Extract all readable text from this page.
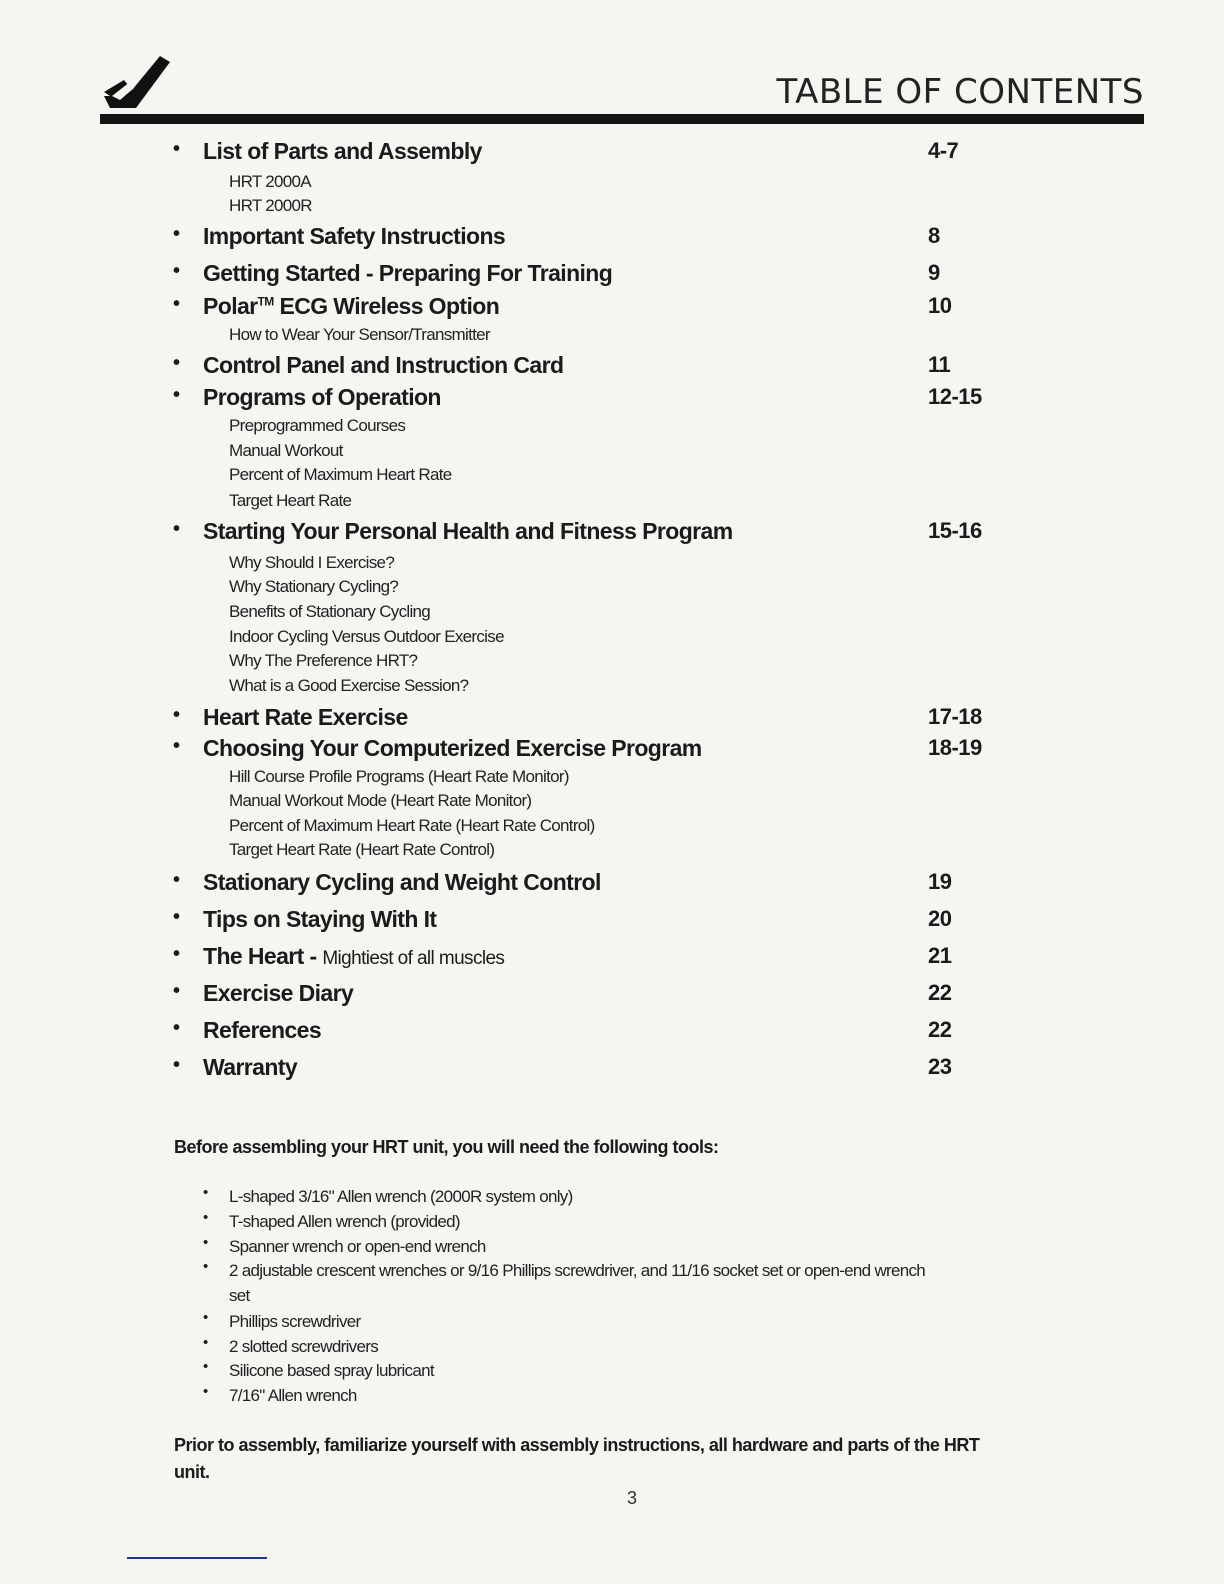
TABLE OF CONTENTS
• List of Parts and Assembly	4-7
HRT 2000A
HRT 2000R
• Important Safety Instructions	8
• Getting Started - Preparing For Training	9
• Polar™ ECG Wireless Option	10
How to Wear Your Sensor/Transmitter
• Control Panel and Instruction Card	11
• Programs of Operation	12-15
Preprogrammed Courses
Manual Workout
Percent of Maximum Heart Rate
Target Heart Rate
• Starting Your Personal Health and Fitness Program	15-16
Why Should I Exercise?
Why Stationary Cycling?
Benefits of Stationary Cycling
Indoor Cycling Versus Outdoor Exercise
Why The Preference HRT?
What is a Good Exercise Session?
• Heart Rate Exercise	17-18
• Choosing Your Computerized Exercise Program	18-19
Hill Course Profile Programs (Heart Rate Monitor)
Manual Workout Mode (Heart Rate Monitor)
Percent of Maximum Heart Rate (Heart Rate Control)
Target Heart Rate (Heart Rate Control)
• Stationary Cycling and Weight Control	19
• Tips on Staying With It	20
• The Heart - Mightiest of all muscles	21
• Exercise Diary	22
• References	22
• Warranty	23
Before assembling your HRT unit, you will need the following tools:
• L-shaped 3/16" Allen wrench (2000R system only)
• T-shaped Allen wrench (provided)
• Spanner wrench or open-end wrench
• 2 adjustable crescent wrenches or 9/16 Phillips screwdriver, and 11/16 socket set or open-end wrench set
• Phillips screwdriver
• 2 slotted screwdrivers
• Silicone based spray lubricant
• 7/16" Allen wrench
Prior to assembly, familiarize yourself with assembly instructions, all hardware and parts of the HRT unit.
3
